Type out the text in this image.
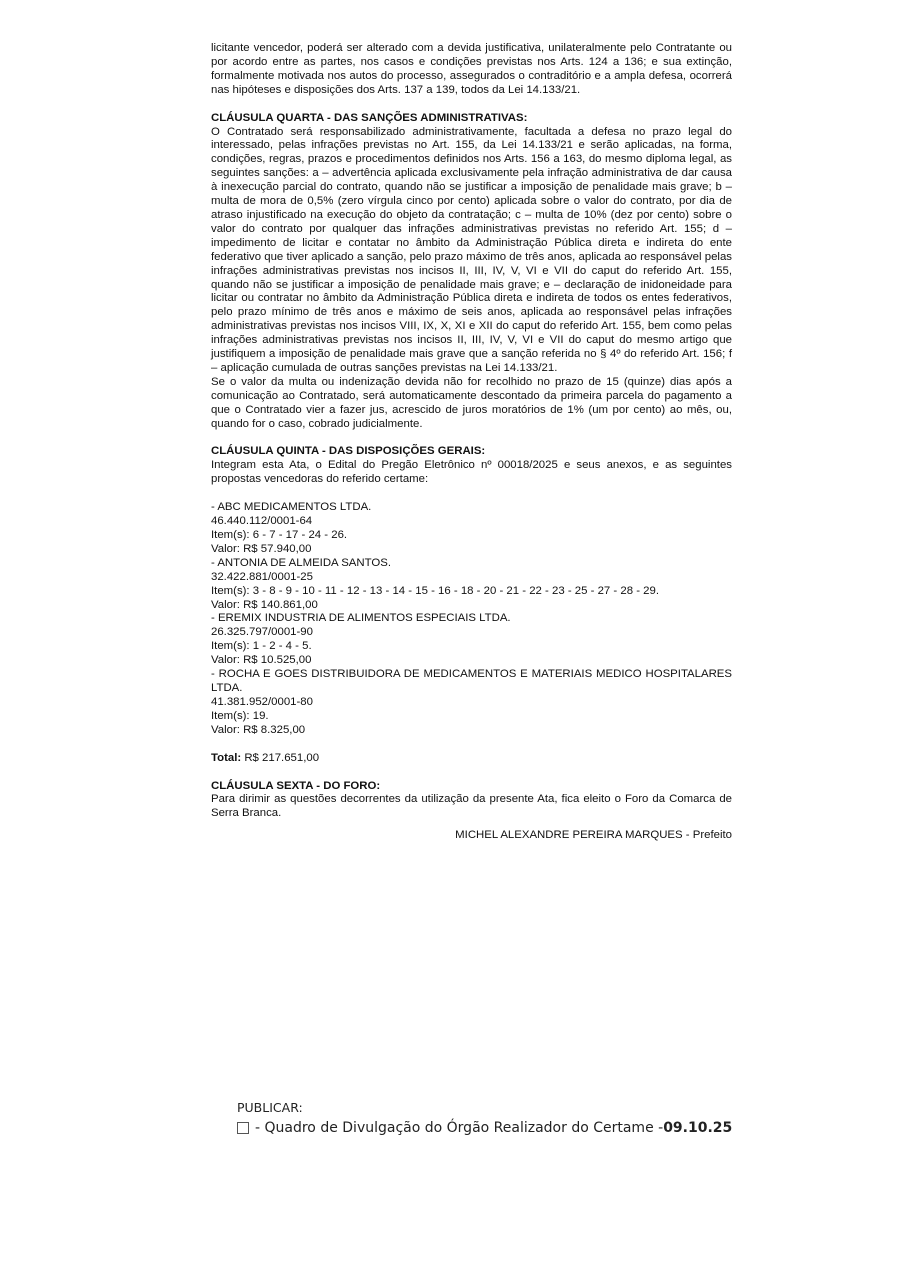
licitante vencedor, poderá ser alterado com a devida justificativa, unilateralmente pelo Contratante ou por acordo entre as partes, nos casos e condições previstas nos Arts. 124 a 136; e sua extinção, formalmente motivada nos autos do processo, assegurados o contraditório e a ampla defesa, ocorrerá nas hipóteses e disposições dos Arts. 137 a 139, todos da Lei 14.133/21.

CLÁUSULA QUARTA - DAS SANÇÕES ADMINISTRATIVAS:

O Contratado será responsabilizado administrativamente, facultada a defesa no prazo legal do interessado, pelas infrações previstas no Art. 155, da Lei 14.133/21 e serão aplicadas, na forma, condições, regras, prazos e procedimentos definidos nos Arts. 156 a 163, do mesmo diploma legal, as seguintes sanções: a – advertência aplicada exclusivamente pela infração administrativa de dar causa à inexecução parcial do contrato, quando não se justificar a imposição de penalidade mais grave; b – multa de mora de 0,5% (zero vírgula cinco por cento) aplicada sobre o valor do contrato, por dia de atraso injustificado na execução do objeto da contratação; c – multa de 10% (dez por cento) sobre o valor do contrato por qualquer das infrações administrativas previstas no referido Art. 155; d – impedimento de licitar e contatar no âmbito da Administração Pública direta e indireta do ente federativo que tiver aplicado a sanção, pelo prazo máximo de três anos, aplicada ao responsável pelas infrações administrativas previstas nos incisos II, III, IV, V, VI e VII do caput do referido Art. 155, quando não se justificar a imposição de penalidade mais grave; e – declaração de inidoneidade para licitar ou contratar no âmbito da Administração Pública direta e indireta de todos os entes federativos, pelo prazo mínimo de três anos e máximo de seis anos, aplicada ao responsável pelas infrações administrativas previstas nos incisos VIII, IX, X, XI e XII do caput do referido Art. 155, bem como pelas infrações administrativas previstas nos incisos II, III, IV, V, VI e VII do caput do mesmo artigo que justifiquem a imposição de penalidade mais grave que a sanção referida no § 4º do referido Art. 156; f – aplicação cumulada de outras sanções previstas na Lei 14.133/21.

Se o valor da multa ou indenização devida não for recolhido no prazo de 15 (quinze) dias após a comunicação ao Contratado, será automaticamente descontado da primeira parcela do pagamento a que o Contratado vier a fazer jus, acrescido de juros moratórios de 1% (um por cento) ao mês, ou, quando for o caso, cobrado judicialmente.

CLÁUSULA QUINTA - DAS DISPOSIÇÕES GERAIS:

Integram esta Ata, o Edital do Pregão Eletrônico nº 00018/2025 e seus anexos, e as seguintes propostas vencedoras do referido certame:

- ABC MEDICAMENTOS LTDA.

46.440.112/0001-64

Item(s): 6 - 7 - 17 - 24 - 26.

Valor: R$ 57.940,00

- ANTONIA DE ALMEIDA SANTOS.

32.422.881/0001-25

Item(s): 3 - 8 - 9 - 10 - 11 - 12 - 13 - 14 - 15 - 16 - 18 - 20 - 21 - 22 - 23 - 25 - 27 - 28 - 29.

Valor: R$ 140.861,00

- EREMIX INDUSTRIA DE ALIMENTOS ESPECIAIS LTDA.

26.325.797/0001-90

Item(s): 1 - 2 - 4 - 5.

Valor: R$ 10.525,00

- ROCHA E GOES DISTRIBUIDORA DE MEDICAMENTOS E MATERIAIS MEDICO HOSPITALARES LTDA.

41.381.952/0001-80

Item(s): 19.

Valor: R$ 8.325,00

Total: R$ 217.651,00

CLÁUSULA SEXTA - DO FORO:

Para dirimir as questões decorrentes da utilização da presente Ata, fica eleito o Foro da Comarca de Serra Branca.

MICHEL ALEXANDRE PEREIRA MARQUES - Prefeito

PUBLICAR:

- Quadro de Divulgação do Órgão Realizador do Certame - 09.10.25
